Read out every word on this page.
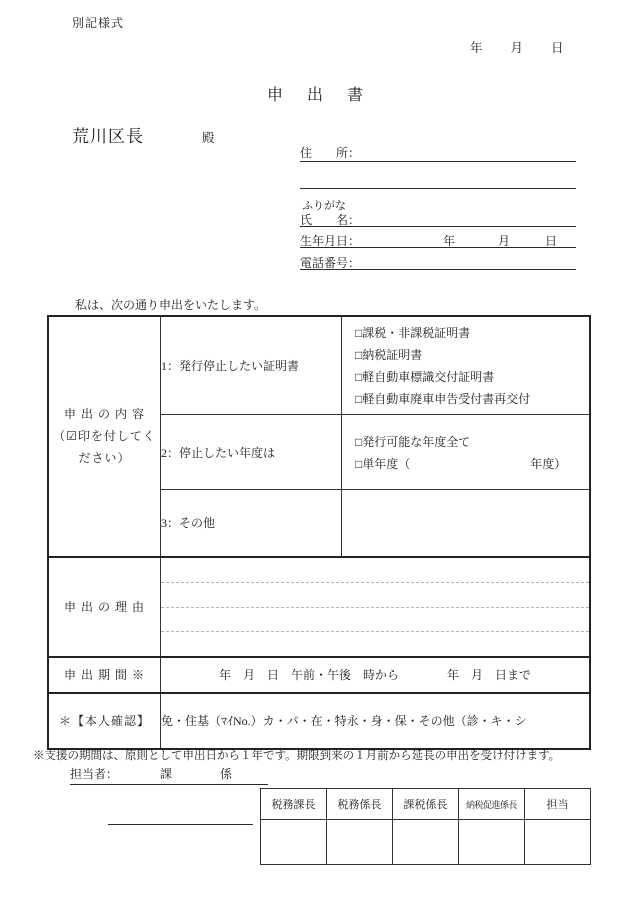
別記様式
年 月 日
申　出　書
荒川区長	殿
住　　所：
ふりがな
氏　　名：
生年月日：	年	月	日
電話番号：
私は、次の通り申出をいたします。
申 出 の 内 容
（☑印を付してく
ださい）
	1：発行停止したい証明書	
□課税・非課税証明書
□納税証明書
□軽自動車標識交付証明書
□軽自動車廃車申告受付書再交付

	2：停止したい年度は	□発行可能な年度全て
□単年度（　　　　　　　　　　年度）

	3：その他	
申 出 の 理 由		

申 出 期 間 ※	年　月　日　午前・午後　時から　　　　年　月　日まで	
＊【本人確認】	免・住基（ﾏｲNo.）カ・パ・在・特永・身・保・その他（診・キ・シ	
※支援の期間は、原則として申出日から１年です。期限到来の１月前から延長の申出を受け付けます。
担当者：　　　　課　　　　係
税務課長	税務係長	課税係長	納税促進係長	担当
